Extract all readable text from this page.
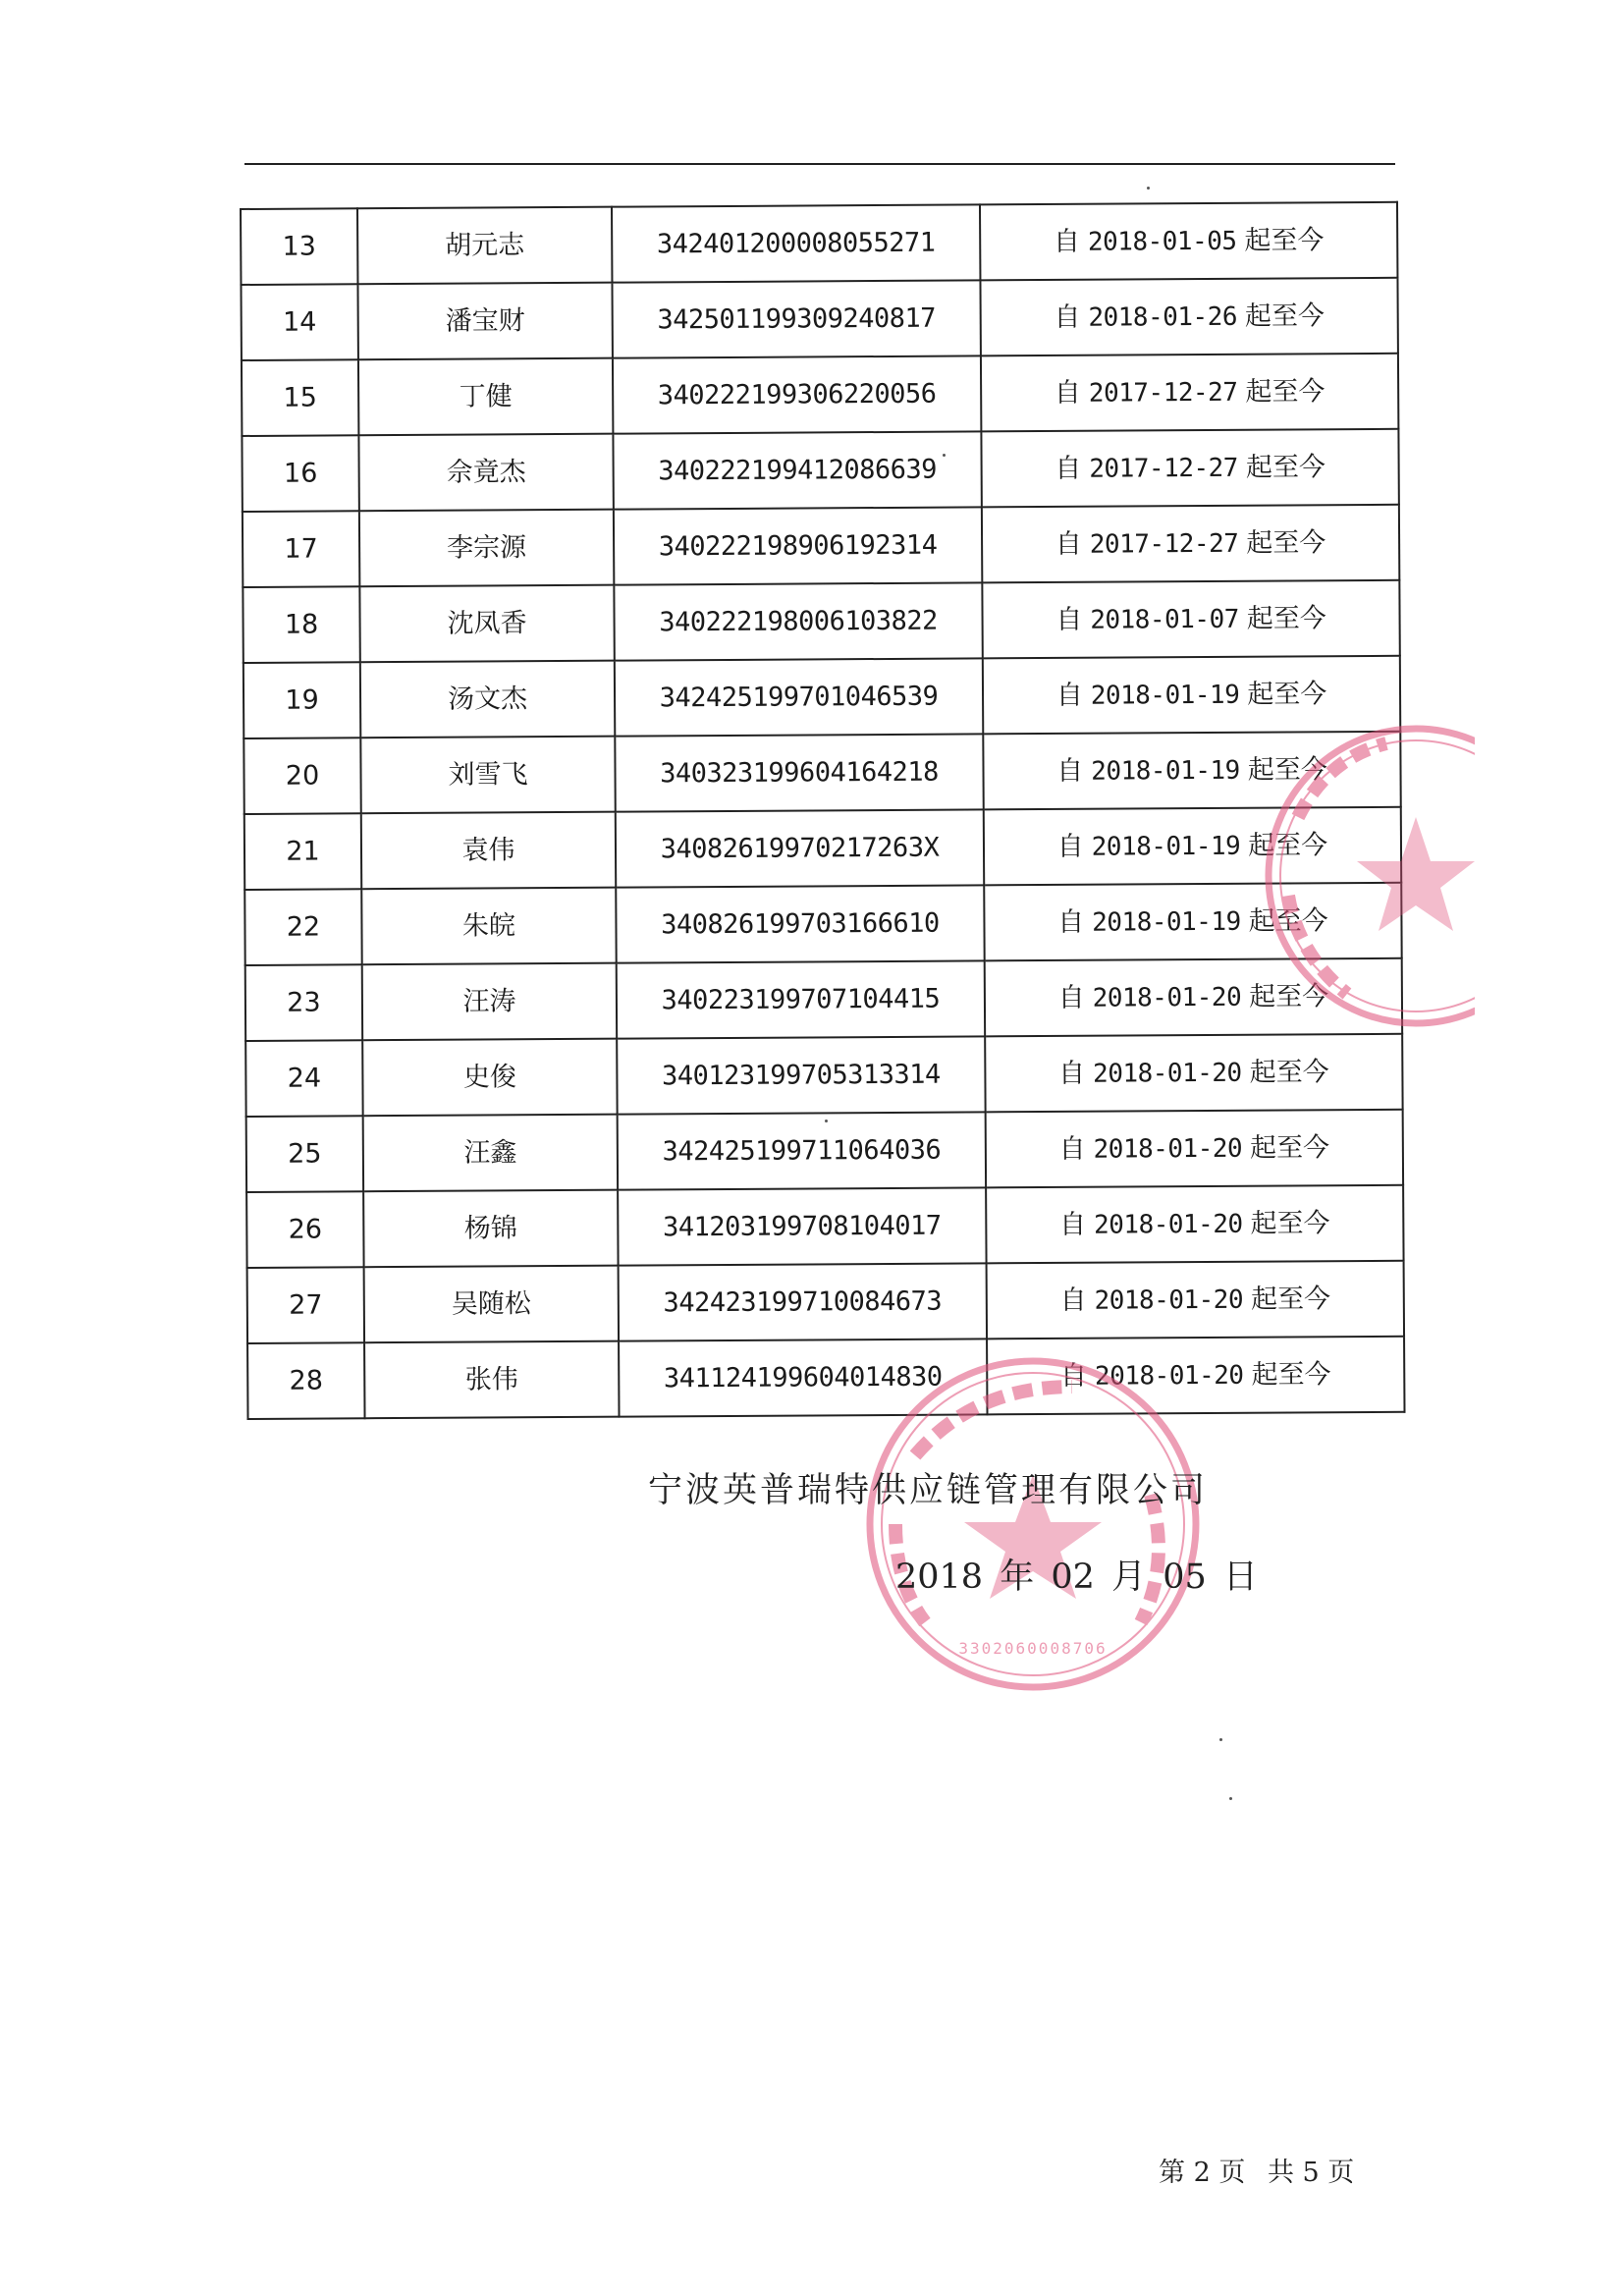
13	胡元志	342401200008055271	自 2018-01-05 起至今
14	潘宝财	342501199309240817	自 2018-01-26 起至今
15	丁健	340222199306220056	自 2017-12-27 起至今
16	佘竟杰	340222199412086639	自 2017-12-27 起至今
17	李宗源	340222198906192314	自 2017-12-27 起至今
18	沈凤香	340222198006103822	自 2018-01-07 起至今
19	汤文杰	342425199701046539	自 2018-01-19 起至今
20	刘雪飞	340323199604164218	自 2018-01-19 起至今
21	袁伟	34082619970217263X	自 2018-01-19 起至今
22	朱皖	340826199703166610	自 2018-01-19 起至今
23	汪涛	340223199707104415	自 2018-01-20 起至今
24	史俊	340123199705313314	自 2018-01-20 起至今
25	汪鑫	342425199711064036	自 2018-01-20 起至今
26	杨锦	341203199708104017	自 2018-01-20 起至今
27	吴随松	342423199710084673	自 2018-01-20 起至今
28	张伟	341124199604014830	自 2018-01-20 起至今
3302060008706
宁波英普瑞特供应链管理有限公司
2018 年 02 月 05 日
第 2 页 共 5 页
